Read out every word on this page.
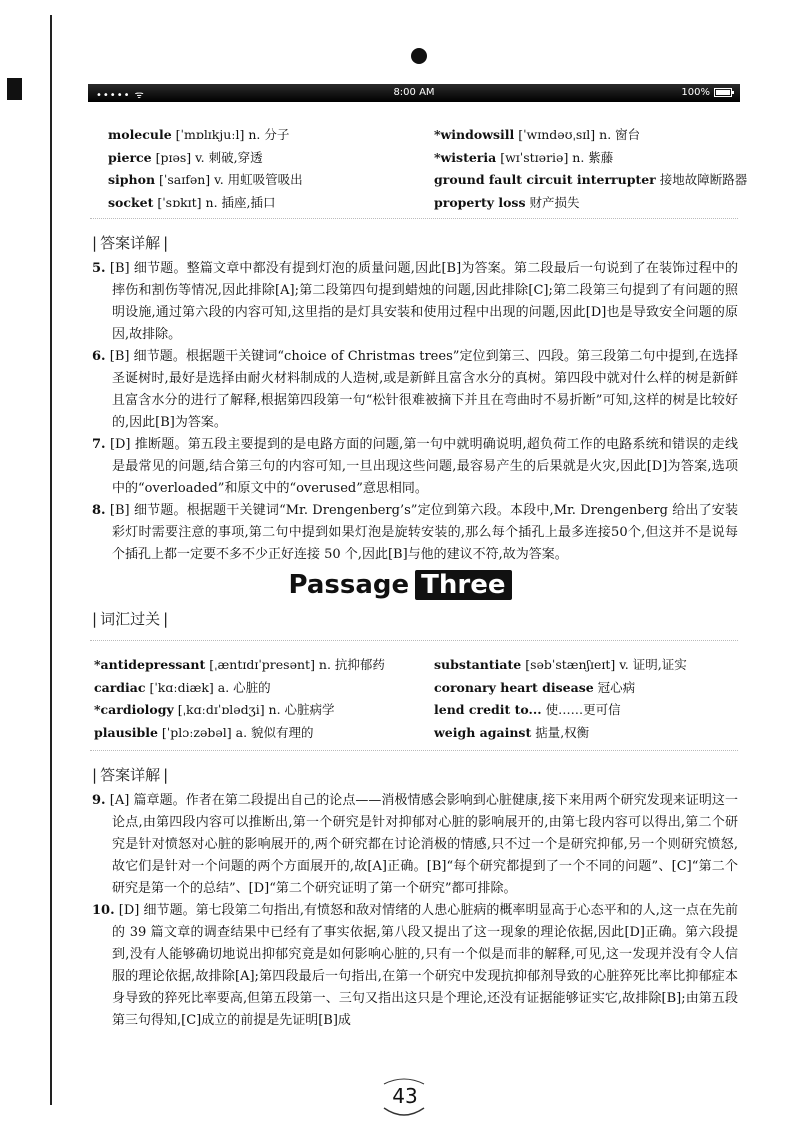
••••• ᯤ	8:00 AM	100%
molecule [ˈmɒlɪkjuːl] n. 分子
pierce [pɪəs] v. 刺破,穿透
siphon [ˈsaɪfən] v. 用虹吸管吸出
socket [ˈsɒkɪt] n. 插座,插口
*windowsill [ˈwɪndəʊˌsɪl] n. 窗台
*wisteria [wɪˈstɪəriə] n. 紫藤
ground fault circuit interrupter 接地故障断路器
property loss 财产损失
| 答案详解 |

5. [B] 细节题。整篇文章中都没有提到灯泡的质量问题,因此[B]为答案。第二段最后一句说到了在装饰过程中的摔伤和割伤等情况,因此排除[A];第二段第四句提到蜡烛的问题,因此排除[C];第二段第三句提到了有问题的照明设施,通过第六段的内容可知,这里指的是灯具安装和使用过程中出现的问题,因此[D]也是导致安全问题的原因,故排除。

6. [B] 细节题。根据题干关键词“choice of Christmas trees”定位到第三、四段。第三段第二句中提到,在选择圣诞树时,最好是选择由耐火材料制成的人造树,或是新鲜且富含水分的真树。第四段中就对什么样的树是新鲜且富含水分的进行了解释,根据第四段第一句“松针很难被摘下并且在弯曲时不易折断”可知,这样的树是比较好的,因此[B]为答案。

7. [D] 推断题。第五段主要提到的是电路方面的问题,第一句中就明确说明,超负荷工作的电路系统和错误的走线是最常见的问题,结合第三句的内容可知,一旦出现这些问题,最容易产生的后果就是火灾,因此[D]为答案,选项中的“overloaded”和原文中的“overused”意思相同。

8. [B] 细节题。根据题干关键词“Mr. Drengenberg’s”定位到第六段。本段中,Mr. Drengenberg 给出了安装彩灯时需要注意的事项,第二句中提到如果灯泡是旋转安装的,那么每个插孔上最多连接50个,但这并不是说每个插孔上都一定要不多不少正好连接 50 个,因此[B]与他的建议不符,故为答案。

Passage Three
| 词汇过关 |
*antidepressant [ˌæntɪdɪˈpresənt] n. 抗抑郁药
cardiac [ˈkɑːdiæk] a. 心脏的
*cardiology [ˌkɑːdɪˈɒlədʒi] n. 心脏病学
plausible [ˈplɔːzəbəl] a. 貌似有理的
substantiate [səbˈstænʃɪeɪt] v. 证明,证实
coronary heart disease 冠心病
lend credit to... 使……更可信
weigh against 掂量,权衡
| 答案详解 |

9. [A] 篇章题。作者在第二段提出自己的论点——消极情感会影响到心脏健康,接下来用两个研究发现来证明这一论点,由第四段内容可以推断出,第一个研究是针对抑郁对心脏的影响展开的,由第七段内容可以得出,第二个研究是针对愤怒对心脏的影响展开的,两个研究都在讨论消极的情感,只不过一个是研究抑郁,另一个则研究愤怒,故它们是针对一个问题的两个方面展开的,故[A]正确。[B]“每个研究都提到了一个不同的问题”、[C]“第二个研究是第一个的总结”、[D]“第二个研究证明了第一个研究”都可排除。

10. [D] 细节题。第七段第二句指出,有愤怒和敌对情绪的人患心脏病的概率明显高于心态平和的人,这一点在先前的 39 篇文章的调查结果中已经有了事实依据,第八段又提出了这一现象的理论依据,因此[D]正确。第六段提到,没有人能够确切地说出抑郁究竟是如何影响心脏的,只有一个似是而非的解释,可见,这一发现并没有令人信服的理论依据,故排除[A];第四段最后一句指出,在第一个研究中发现抗抑郁剂导致的心脏猝死比率比抑郁症本身导致的猝死比率要高,但第五段第一、三句又指出这只是个理论,还没有证据能够证实它,故排除[B];由第五段第三句得知,[C]成立的前提是先证明[B]成

43
